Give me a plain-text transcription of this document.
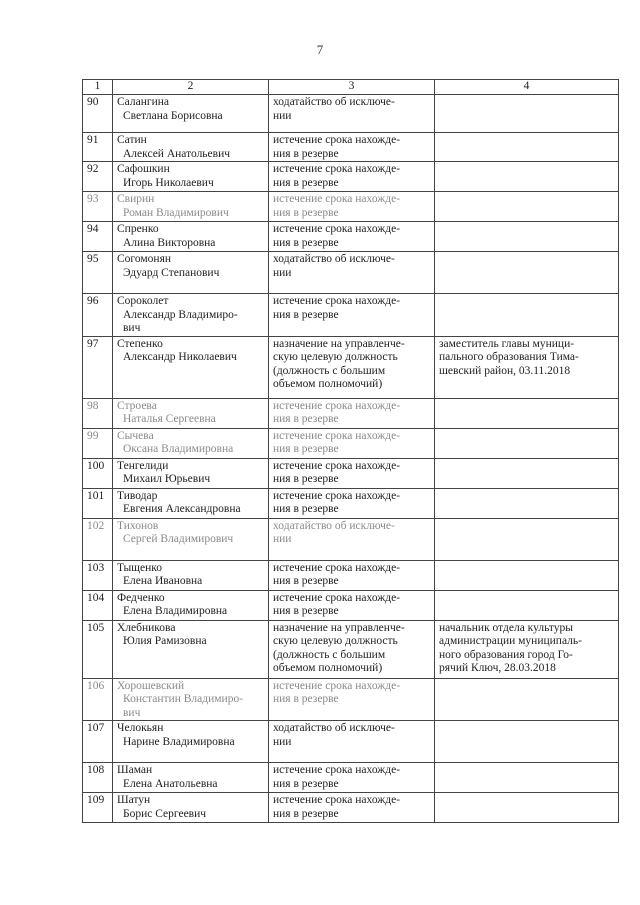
7
1	2	3	4
90	Салангина
Светлана Борисовна	ходатайство об исключе-
нии	

91	Сатин
Алексей Анатольевич	истечение срока нахожде-
ния в резерве	

92	Сафошкин
Игорь Николаевич	истечение срока нахожде-
ния в резерве	

93	Свирин
Роман Владимирович	истечение срока нахожде-
ния в резерве	

94	Спренко
Алина Викторовна	истечение срока нахожде-
ния в резерве	

95	Согомонян
Эдуард Степанович	ходатайство об исключе-
нии	

96	Сороколет
Александр Владимиро-
вич	истечение срока нахожде-
ния в резерве	

97	Степенко
Александр Николаевич	назначение на управленче-
скую целевую должность
(должность с большим
объемом полномочий)	заместитель главы муници-
пального образования Тима-
шевский район, 03.11.2018

98	Строева
Наталья Сергеевна	истечение срока нахожде-
ния в резерве	

99	Сычева
Оксана Владимировна	истечение срока нахожде-
ния в резерве	

100	Тенгелиди
Михаил Юрьевич	истечение срока нахожде-
ния в резерве	

101	Тиводар
Евгения Александровна	истечение срока нахожде-
ния в резерве	

102	Тихонов
Сергей Владимирович	ходатайство об исключе-
нии	

103	Тыщенко
Елена Ивановна	истечение срока нахожде-
ния в резерве	

104	Федченко
Елена Владимировна	истечение срока нахожде-
ния в резерве	

105	Хлебникова
Юлия Рамизовна	назначение на управленче-
скую целевую должность
(должность с большим
объемом полномочий)	начальник отдела культуры
администрации муниципаль-
ного образования город Го-
рячий Ключ, 28.03.2018

106	Хорошевский
Константин Владимиро-
вич	истечение срока нахожде-
ния в резерве	

107	Челокьян
Нарине Владимировна	ходатайство об исключе-
нии	

108	Шаман
Елена Анатольевна	истечение срока нахожде-
ния в резерве	

109	Шатун
Борис Сергеевич	истечение срока нахожде-
ния в резерве	
